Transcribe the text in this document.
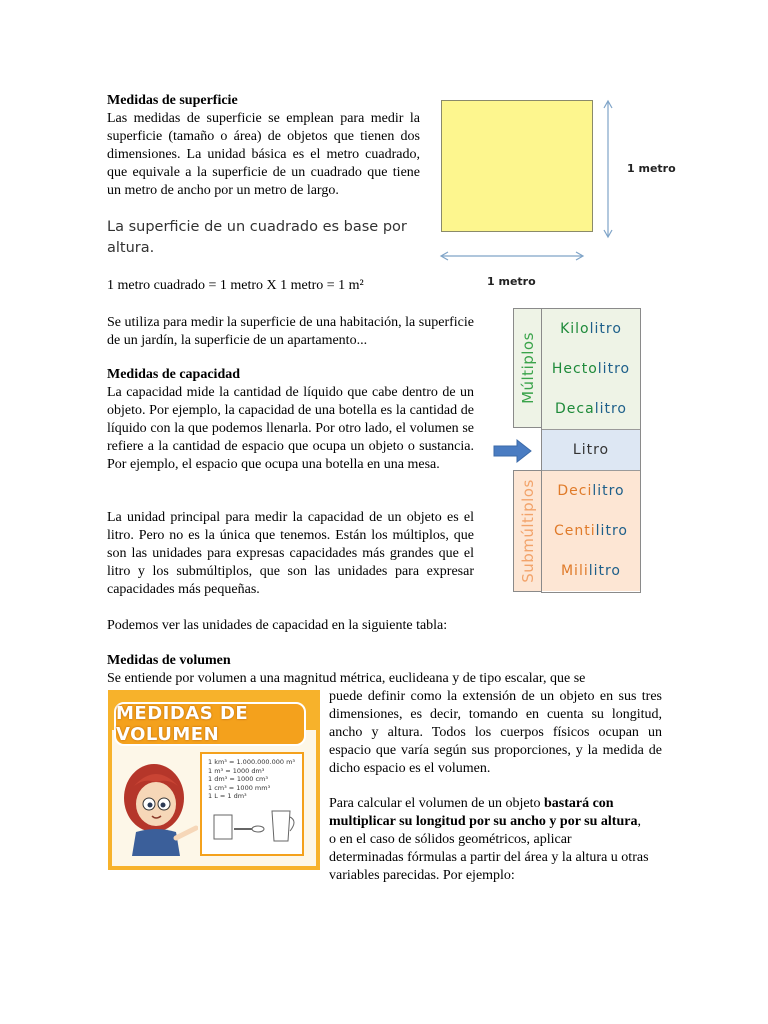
Medidas de superficie
Las medidas de superficie se emplean para medir la superficie (tamaño o área) de objetos que tienen dos dimensiones. La unidad básica es el metro cuadrado, que equivale a la superficie de un cuadrado que tiene un metro de ancho por un metro de largo.
La superficie de un cuadrado es base por
altura.
1 metro cuadrado = 1 metro X 1 metro = 1 m²
Se utiliza para medir la superficie de una habitación, la superficie de un jardín, la superficie de un apartamento...
1 metro
1 metro
Medidas de capacidad
La capacidad mide la cantidad de líquido que cabe dentro de un objeto. Por ejemplo, la capacidad de una botella es la cantidad de líquido con la que podemos llenarla. Por otro lado, el volumen se refiere a la cantidad de espacio que ocupa un objeto o sustancia. Por ejemplo, el espacio que ocupa una botella en una mesa.
La unidad principal para medir la capacidad de un objeto es el litro. Pero no es la única que tenemos. Están los múltiplos, que son las unidades para expresas capacidades más grandes que el litro y los submúltiplos, que son las unidades para expresar capacidades más pequeñas.
Podemos ver las unidades de capacidad en la siguiente tabla:
Múltiplos
Submúltiplos
Kilo litro
Hecto litro
Deca litro
Litro
Deci litro
Centi litro
Mili litro
Medidas de volumen
Se entiende por volumen a una magnitud métrica, euclideana y de tipo escalar, que se
puede definir como la extensión de un objeto en sus tres dimensiones, es decir, tomando en cuenta su longitud, ancho y altura. Todos los cuerpos físicos ocupan un espacio que varía según sus proporciones, y la medida de dicho espacio es el volumen.
Para calcular el volumen de un objeto bastará con multiplicar su longitud por su ancho y por su altura, o en el caso de sólidos geométricos, aplicar determinadas fórmulas a partir del área y la altura u otras variables parecidas. Por ejemplo:
MEDIDAS DE VOLUMEN
1 km³ = 1.000.000.000 m³
1 m³ = 1000 dm³
1 dm³ = 1000 cm³
1 cm³ = 1000 mm³
1 L = 1 dm³
